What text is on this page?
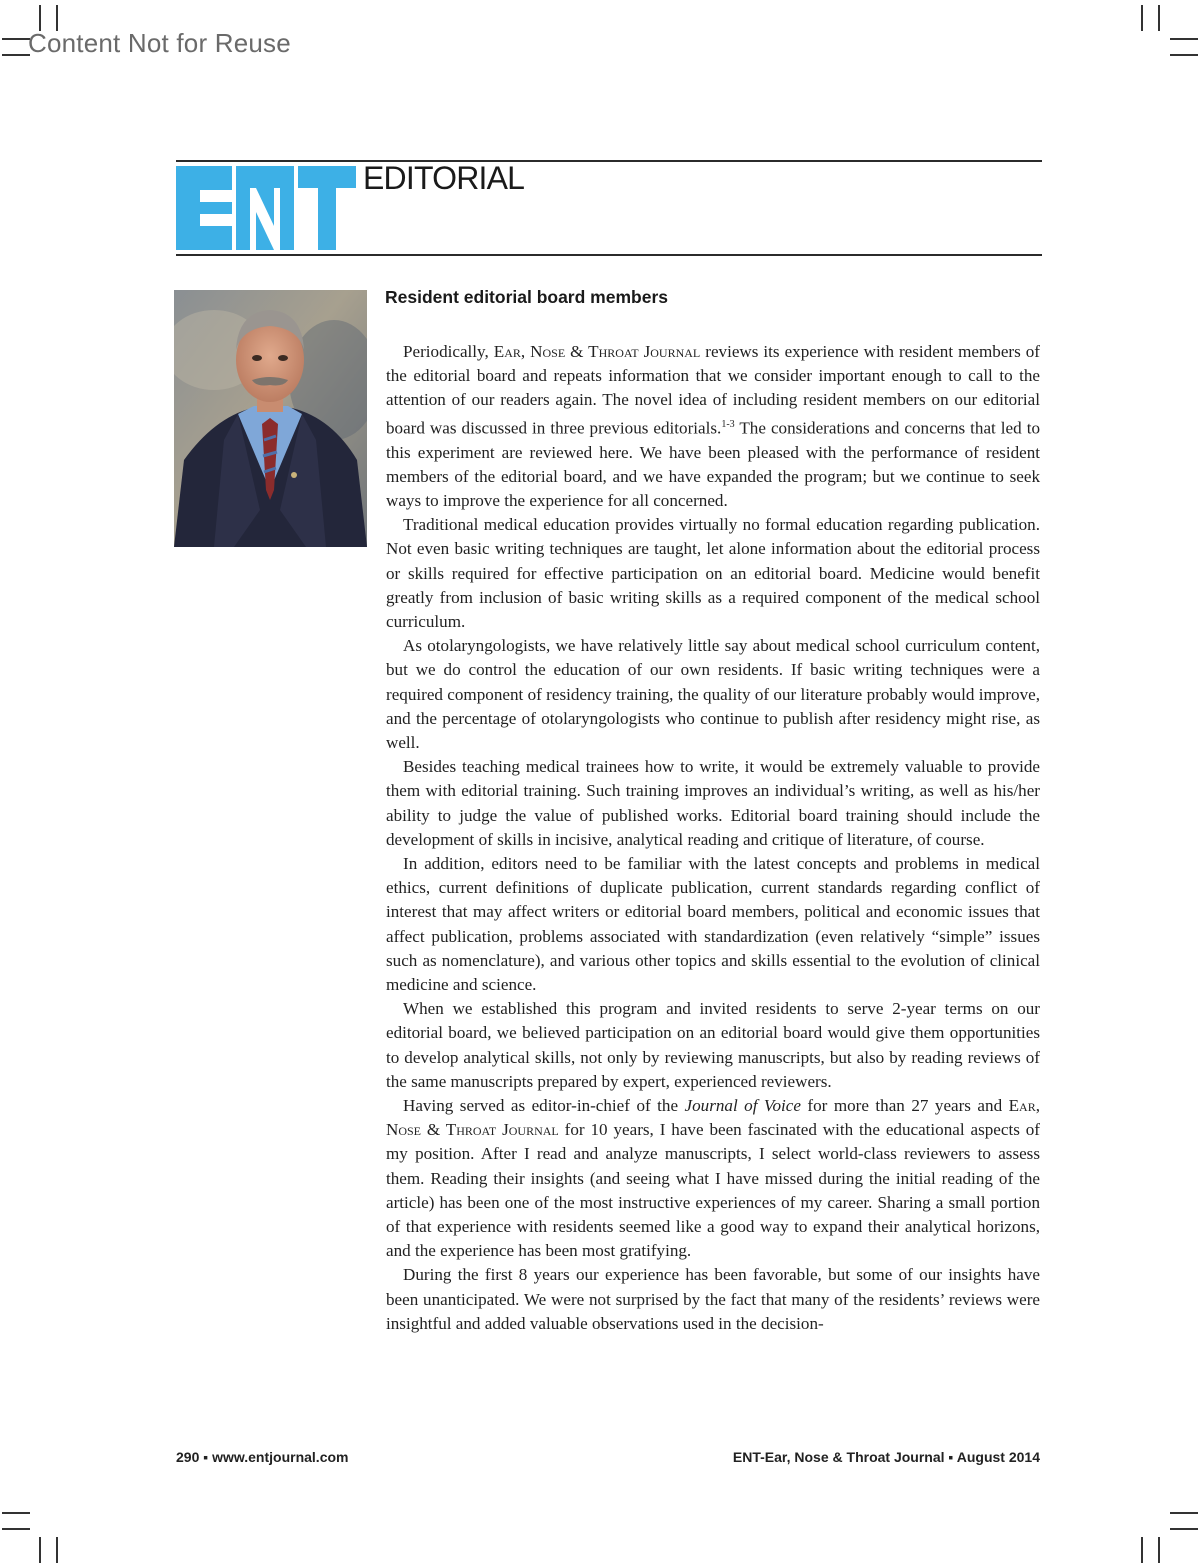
Content Not for Reuse
EDITORIAL
Resident editorial board members

Periodically, Ear, Nose & Throat Journal reviews its experience with resident members of the editorial board and repeats information that we consider important enough to call to the attention of our readers again. The novel idea of including resident members on our editorial board was discussed in three previous editorials.$^{1-3}$ The considerations and concerns that led to this experiment are reviewed here. We have been pleased with the performance of resident members of the editorial board, and we have expanded the program; but we continue to seek ways to improve the experience for all concerned.

Traditional medical education provides virtually no formal education regarding publication. Not even basic writing techniques are taught, let alone information about the editorial process or skills required for effective participation on an editorial board. Medicine would benefit greatly from inclusion of basic writing skills as a required component of the medical school curriculum.

As otolaryngologists, we have relatively little say about medical school curriculum content, but we do control the education of our own residents. If basic writing techniques were a required component of residency training, the quality of our literature probably would improve, and the percentage of otolaryngologists who continue to publish after residency might rise, as well.

Besides teaching medical trainees how to write, it would be extremely valuable to provide them with editorial training. Such training improves an individual’s writing, as well as his/her ability to judge the value of published works. Editorial board training should include the development of skills in incisive, analytical reading and critique of literature, of course.

In addition, editors need to be familiar with the latest concepts and problems in medical ethics, current definitions of duplicate publication, current standards regarding conflict of interest that may affect writers or editorial board members, political and economic issues that affect publication, problems associated with standardization (even relatively “simple” issues such as nomenclature), and various other topics and skills essential to the evolution of clinical medicine and science.

When we established this program and invited residents to serve 2-year terms on our editorial board, we believed participation on an editorial board would give them opportunities to develop analytical skills, not only by reviewing manuscripts, but also by reading reviews of the same manuscripts prepared by expert, experienced reviewers.

Having served as editor-in-chief of the Journal of Voice for more than 27 years and Ear, Nose & Throat Journal for 10 years, I have been fascinated with the educational aspects of my position. After I read and analyze manuscripts, I select world-class reviewers to assess them. Reading their insights (and seeing what I have missed during the initial reading of the article) has been one of the most instructive experiences of my career. Sharing a small portion of that experience with residents seemed like a good way to expand their analytical horizons, and the experience has been most gratifying.

During the first 8 years our experience has been favorable, but some of our insights have been unanticipated. We were not surprised by the fact that many of the residents’ reviews were insightful and added valuable observations used in the decision-

290 ▪ www.entjournal.com	ENT-Ear, Nose & Throat Journal ▪ August 2014
